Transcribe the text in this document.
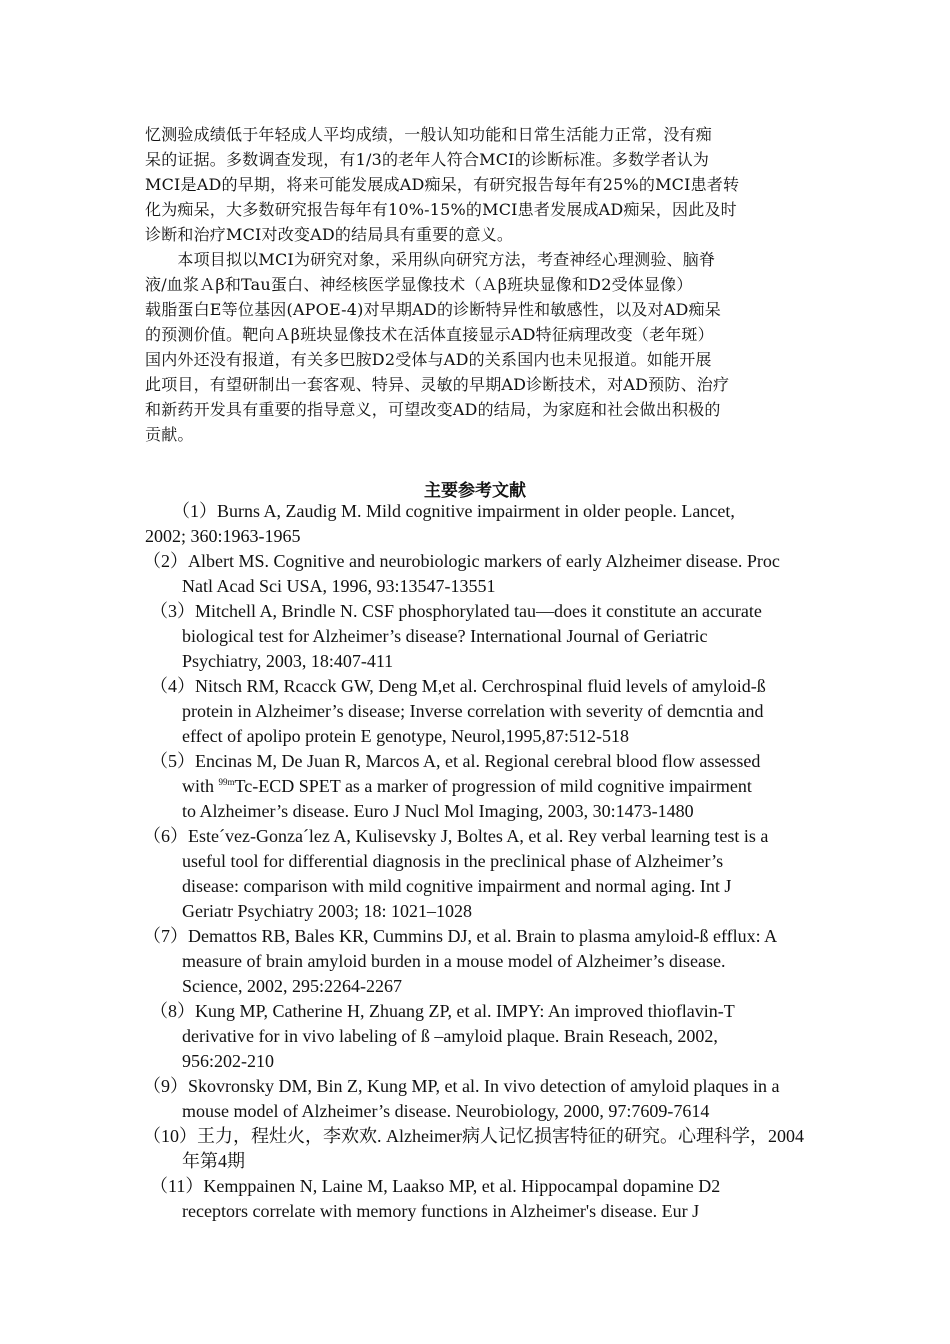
忆测验成绩低于年轻成人平均成绩，一般认知功能和日常生活能力正常，没有痴
呆的证据。多数调查发现，有1/3的老年人符合MCI的诊断标准。多数学者认为
MCI是AD的早期，将来可能发展成AD痴呆，有研究报告每年有25%的MCI患者转
化为痴呆，大多数研究报告每年有10%-15%的MCI患者发展成AD痴呆，因此及时
诊断和治疗MCI对改变AD的结局具有重要的意义。
　　本项目拟以MCI为研究对象，采用纵向研究方法，考查神经心理测验、脑脊
液/血浆Ａβ和Tau蛋白、神经核医学显像技术（Ａβ班块显像和D2受体显像）
载脂蛋白Ε等位基因(APOE-4)对早期AD的诊断特异性和敏感性，以及对AD痴呆
的预测价值。靶向Ａβ班块显像技术在活体直接显示AD特征病理改变（老年斑）
国内外还没有报道，有关多巴胺D2受体与AD的关系国内也未见报道。如能开展
此项目，有望研制出一套客观、特异、灵敏的早期AD诊断技术，对AD预防、治疗
和新药开发具有重要的指导意义，可望改变AD的结局，为家庭和社会做出积极的
贡献。
主要参考文献
　　（1）Burns A, Zaudig M. Mild cognitive impairment in older people. Lancet,
2002; 360:1963-1965
（2）Albert MS. Cognitive and neurobiologic markers of early Alzheimer disease. Proc
Natl Acad Sci USA, 1996, 93:13547-13551
（3）Mitchell A, Brindle N. CSF phosphorylated tau—does it constitute an accurate
biological test for Alzheimer’s disease? International Journal of Geriatric
Psychiatry, 2003, 18:407-411
（4）Nitsch RM, Rcacck GW, Deng M,et al. Cerchrospinal fluid levels of amyloid-ß
protein in Alzheimer’s disease; Inverse correlation with severity of demcntia and
effect of apolipo protein E genotype, Neurol,1995,87:512-518
（5）Encinas M, De Juan R, Marcos A, et al. Regional cerebral blood flow assessed
with $^{99m}$Tc-ECD SPET as a marker of progression of mild cognitive impairment
to Alzheimer’s disease. Euro J Nucl Mol Imaging, 2003, 30:1473-1480
（6）Este´vez-Gonza´lez A, Kulisevsky J, Boltes A, et al. Rey verbal learning test is a
useful tool for differential diagnosis in the preclinical phase of Alzheimer’s
disease: comparison with mild cognitive impairment and normal aging. Int J
Geriatr Psychiatry 2003; 18: 1021–1028
（7）Demattos RB, Bales KR, Cummins DJ, et al. Brain to plasma amyloid-ß efflux: A
measure of brain amyloid burden in a mouse model of Alzheimer’s disease.
Science, 2002, 295:2264-2267
（8）Kung MP, Catherine H, Zhuang ZP, et al. IMPY: An improved thioflavin-T
derivative for in vivo labeling of ß –amyloid plaque. Brain Reseach, 2002,
956:202-210
（9）Skovronsky DM, Bin Z, Kung MP, et al. In vivo detection of amyloid plaques in a
mouse model of Alzheimer’s disease. Neurobiology, 2000, 97:7609-7614
（10）王力，程灶火，李欢欢. Alzheimer病人记忆损害特征的研究。心理科学，2004
年第4期
（11）Kemppainen N, Laine M, Laakso MP, et al. Hippocampal dopamine D2
receptors correlate with memory functions in Alzheimer's disease. Eur J
